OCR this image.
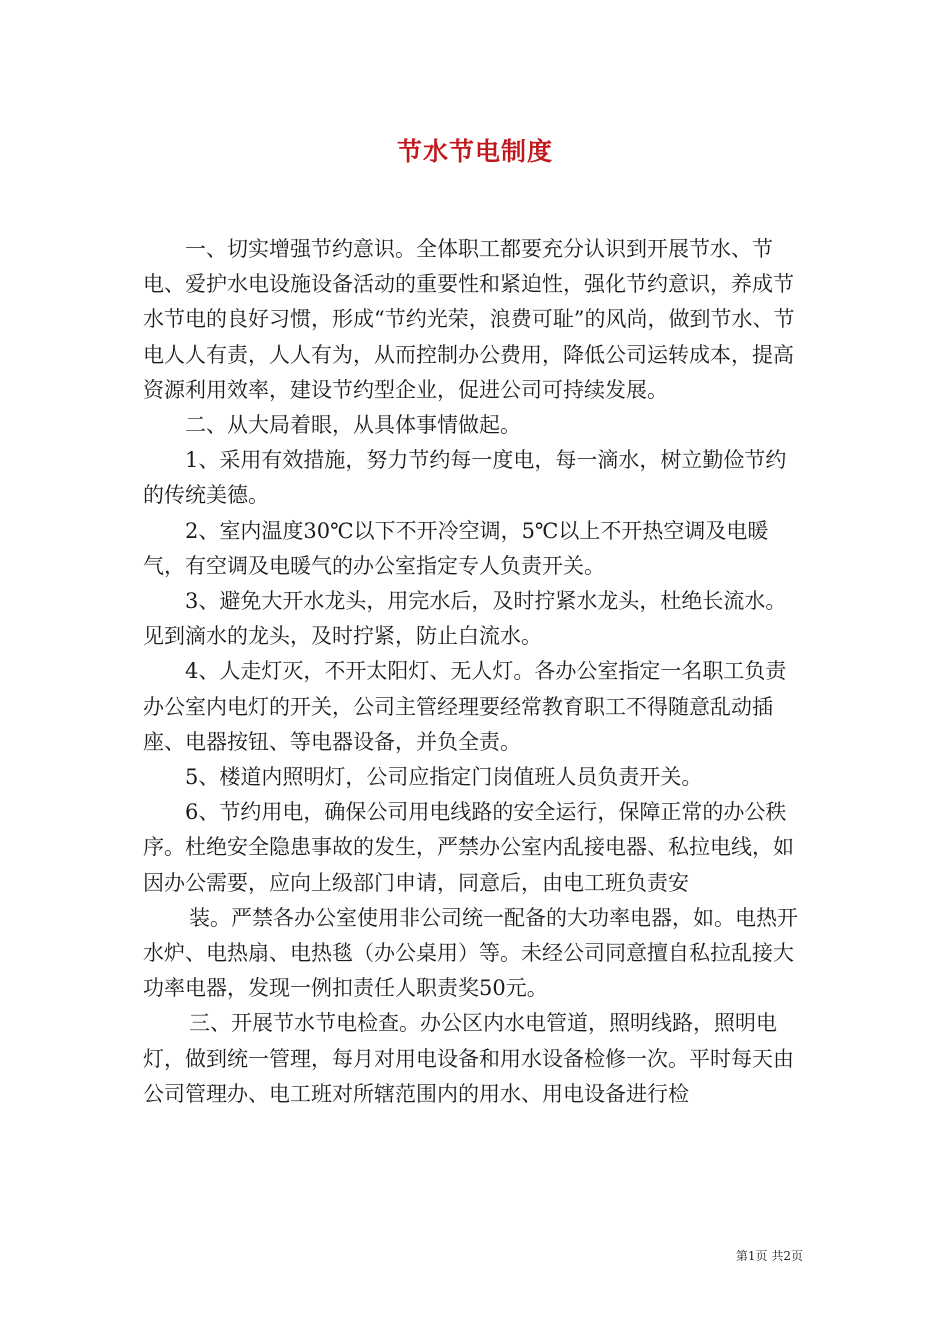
节水节电制度

一、切实增强节约意识。全体职工都要充分认识到开展节水、节电、爱护水电设施设备活动的重要性和紧迫性，强化节约意识，养成节水节电的良好习惯，形成“节约光荣，浪费可耻”的风尚，做到节水、节电人人有责，人人有为，从而控制办公费用，降低公司运转成本，提高资源利用效率，建设节约型企业，促进公司可持续发展。

二、从大局着眼，从具体事情做起。

1、采用有效措施，努力节约每一度电，每一滴水，树立勤俭节约的传统美德。

2、室内温度30℃以下不开冷空调，5℃以上不开热空调及电暖气，有空调及电暖气的办公室指定专人负责开关。

3、避免大开水龙头，用完水后，及时拧紧水龙头，杜绝长流水。见到滴水的龙头，及时拧紧，防止白流水。

4、人走灯灭，不开太阳灯、无人灯。各办公室指定一名职工负责办公室内电灯的开关，公司主管经理要经常教育职工不得随意乱动插座、电器按钮、等电器设备，并负全责。

5、楼道内照明灯，公司应指定门岗值班人员负责开关。

6、节约用电，确保公司用电线路的安全运行，保障正常的办公秩序。杜绝安全隐患事故的发生，严禁办公室内乱接电器、私拉电线，如因办公需要，应向上级部门申请，同意后，由电工班负责安

装。严禁各办公室使用非公司统一配备的大功率电器，如。电热开水炉、电热扇、电热毯（办公桌用）等。未经公司同意擅自私拉乱接大功率电器，发现一例扣责任人职责奖50元。

三、开展节水节电检查。办公区内水电管道，照明线路，照明电灯，做到统一管理，每月对用电设备和用水设备检修一次。平时每天由公司管理办、电工班对所辖范围内的用水、用电设备进行检

第1页 共2页
